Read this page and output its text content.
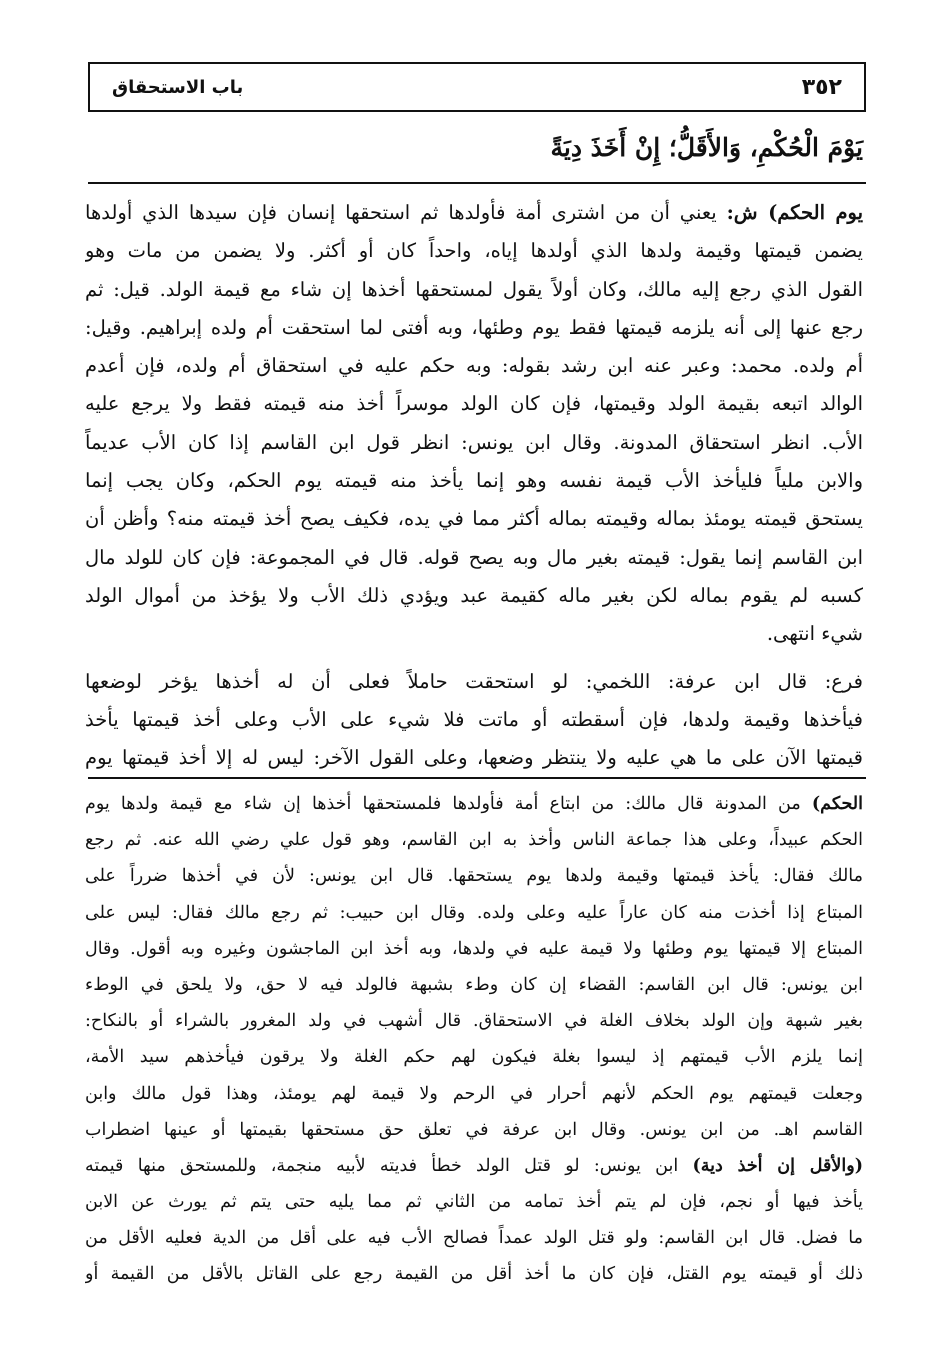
٣٥٢
باب الاستحقاق
يَوْمَ الْحُكْمِ، وَالأَقَلُّ؛ إِنْ أَخَذَ دِيَةً
يوم الحكم) ش: يعني أن من اشترى أمة فأولدها ثم استحقها إنسان فإن سيدها الذي أولدها
يضمن قيمتها وقيمة ولدها الذي أولدها إياه، واحداً كان أو أكثر. ولا يضمن من مات وهو
القول الذي رجع إليه مالك، وكان أولاً يقول لمستحقها أخذها إن شاء مع قيمة الولد. قيل: ثم
رجع عنها إلى أنه يلزمه قيمتها فقط يوم وطئها، وبه أفتى لما استحقت أم ولده إبراهيم. وقيل:
أم ولده. محمد: وعبر عنه ابن رشد بقوله: وبه حكم عليه في استحقاق أم ولده، فإن أعدم
الوالد اتبعه بقيمة الولد وقيمتها، فإن كان الولد موسراً أخذ منه قيمته فقط ولا يرجع عليه
الأب. انظر استحقاق المدونة. وقال ابن يونس: انظر قول ابن القاسم إذا كان الأب عديماً
والابن ملياً فليأخذ الأب قيمة نفسه وهو إنما يأخذ منه قيمته يوم الحكم، وكان يجب إنما
يستحق قيمته يومئذ بماله وقيمته بماله أكثر مما في يده، فكيف يصح أخذ قيمته منه؟ وأظن أن
ابن القاسم إنما يقول: قيمته بغير مال وبه يصح قوله. قال في المجموعة: فإن كان للولد مال
كسبه لم يقوم بماله لكن بغير ماله كقيمة عبد ويؤدي ذلك الأب ولا يؤخذ من أموال الولد
شيء انتهى.
فرع: قال ابن عرفة: اللخمي: لو استحقت حاملاً فعلى أن له أخذها يؤخر لوضعها
فيأخذها وقيمة ولدها، فإن أسقطته أو ماتت فلا شيء على الأب وعلى أخذ قيمتها يأخذ
قيمتها الآن على ما هي عليه ولا ينتظر وضعها، وعلى القول الآخر: ليس له إلا أخذ قيمتها يوم
الحكم) من المدونة قال مالك: من ابتاع أمة فأولدها فلمستحقها أخذها إن شاء مع قيمة ولدها يوم
الحكم عبيداً، وعلى هذا جماعة الناس وأخذ به ابن القاسم، وهو قول علي رضي الله عنه. ثم رجع
مالك فقال: يأخذ قيمتها وقيمة ولدها يوم يستحقها. قال ابن يونس: لأن في أخذها ضرراً على
المبتاع إذا أخذت منه كان عاراً عليه وعلى ولده. وقال ابن حبيب: ثم رجع مالك فقال: ليس على
المبتاع إلا قيمتها يوم وطئها ولا قيمة عليه في ولدها، وبه أخذ ابن الماجشون وغيره وبه أقول. وقال
ابن يونس: قال ابن القاسم: القضاء إن كان وطء بشبهة فالولد فيه لا حق، ولا يلحق في الوطء
بغير شبهة وإن الولد بخلاف الغلة في الاستحقاق. قال أشهب في ولد المغرور بالشراء أو بالنكاح:
إنما يلزم الأب قيمتهم إذ ليسوا بغلة فيكون لهم حكم الغلة ولا يرقون فيأخذهم سيد الأمة،
وجعلت قيمتهم يوم الحكم لأنهم أحرار في الرحم ولا قيمة لهم يومئذ، وهذا قول مالك وابن
القاسم اهـ. من ابن يونس. وقال ابن عرفة في تعلق حق مستحقها بقيمتها أو عينها اضطراب
(والأقل إن أخذ دية) ابن يونس: لو قتل الولد خطأ فديته لأبيه منجمة، وللمستحق منها قيمته
يأخذ فيها أو نجم، فإن لم يتم أخذ تمامه من الثاني ثم مما يليه حتى يتم ثم يورث عن الابن
ما فضل. قال ابن القاسم: ولو قتل الولد عمداً فصالح الأب فيه على أقل من الدية فعليه الأقل من
ذلك أو قيمته يوم القتل، فإن كان ما أخذ أقل من القيمة رجع على القاتل بالأقل من القيمة أو
